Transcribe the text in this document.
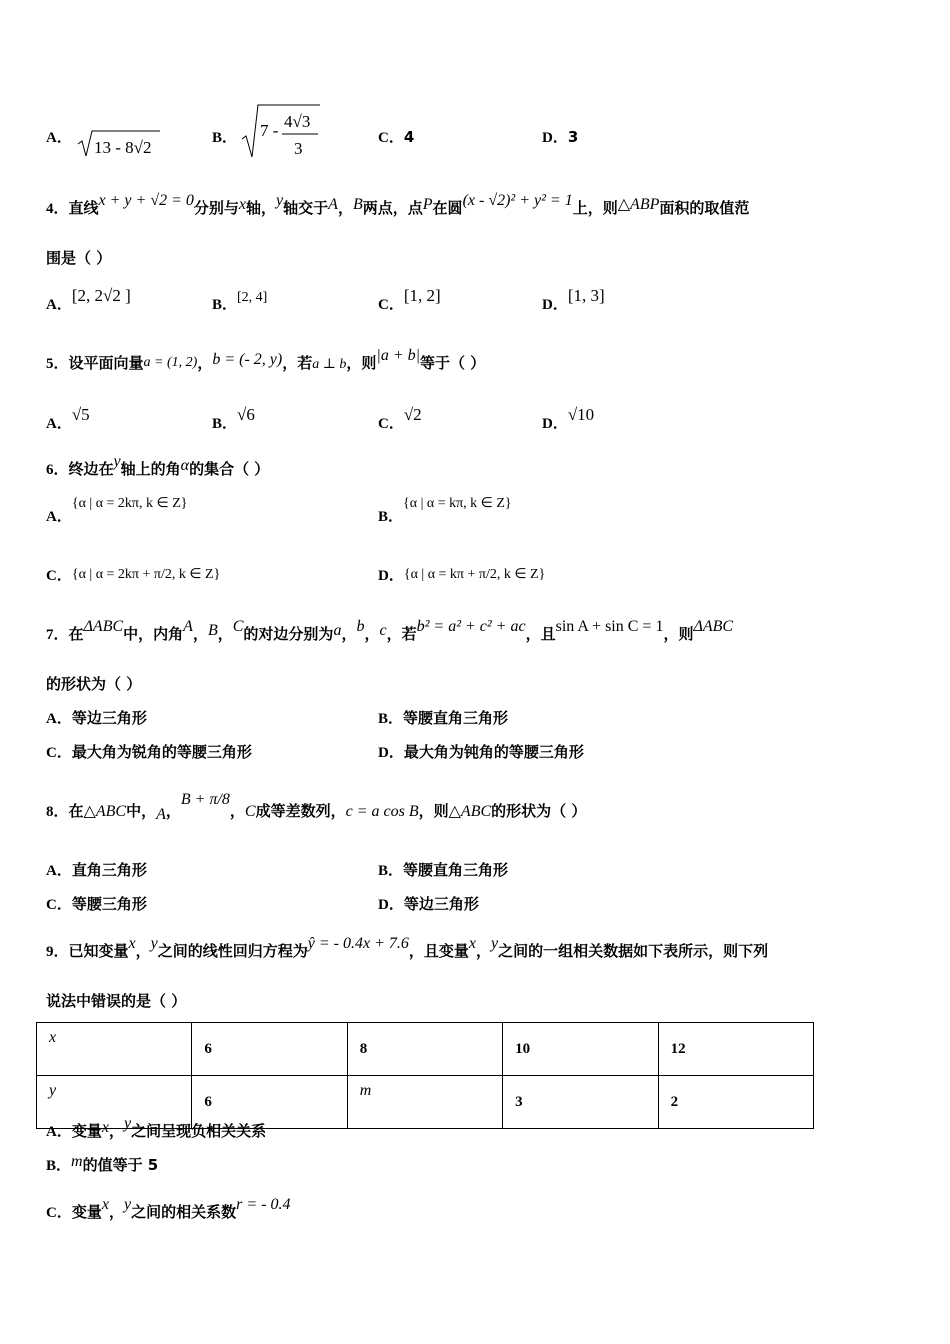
A． 13 - 8√2	B． 7 - 4√3
3
C．4	D．3
4．直线x + y + √2 = 0分别与x轴，y轴交于A，B两点，点P在圆(x - √2)² + y² = 1上，则△ABP面积的取值范
围是（ ）
A．[2, 2√2 ]	B．[2, 4]	C．[1, 2]	D．[1, 3]
5．设平面向量a = (1, 2)，b = (- 2, y)，若a ⊥ b，则|a + b|等于（ ）
A．√5	B．√6	C．√2	D．√10
6．终边在y轴上的角α的集合（ ）
A．{α | α = 2kπ, k ∈ Z}
B．{α | α = kπ, k ∈ Z}
C．{α | α = 2kπ + π/2, k ∈ Z}	D．{α | α = kπ + π/2, k ∈ Z}
7．在ΔABC中，内角A，B，C的对边分别为a，b，c，若b² = a² + c² + ac，且sin A + sin C = 1，则ΔABC
的形状为（ ）
A．等边三角形	B．等腰直角三角形
C．最大角为锐角的等腰三角形	D．最大角为钝角的等腰三角形
8．在△ABC中，A，B + π/8，C成等差数列，c = a cos B，则△ABC的形状为（ ）
A．直角三角形	B．等腰直角三角形
C．等腰三角形	D．等边三角形
9．已知变量x，y之间的线性回归方程为ŷ = - 0.4x + 7.6，且变量x，y之间的一组相关数据如下表所示，则下列
说法中错误的是（ ）
x	6	8	10	12
y	6	m	3	2
A．变量x，y之间呈现负相关关系
B．m的值等于 5
C．变量x，y之间的相关系数r = - 0.4
